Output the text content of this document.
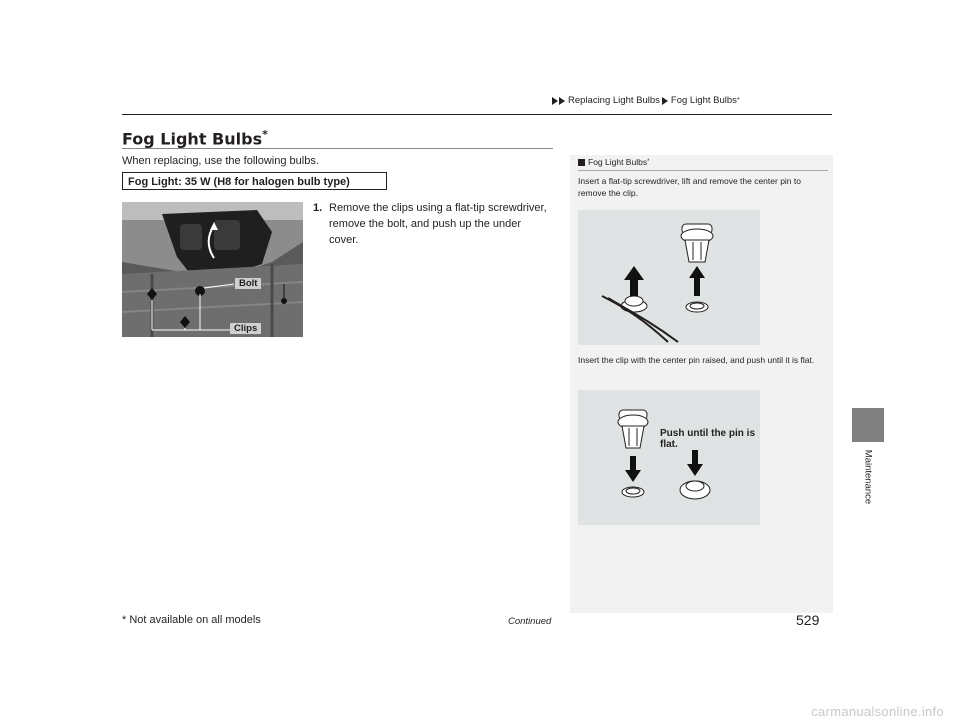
Replacing Light Bulbs Fog Light Bulbs *
Fog Light Bulbs*
When replacing, use the following bulbs.
Fog Light: 35 W (H8 for halogen bulb type)
Bolt
Clips
1. Remove the clips using a flat-tip screwdriver, remove the bolt, and push up the under cover.
Fog Light Bulbs *
Insert a flat-tip screwdriver, lift and remove the center pin to remove the clip.
Insert the clip with the center pin raised, and push until it is flat.
Push until the pin is flat.
Maintenance
* Not available on all models	Continued	529
carmanualsonline.info
